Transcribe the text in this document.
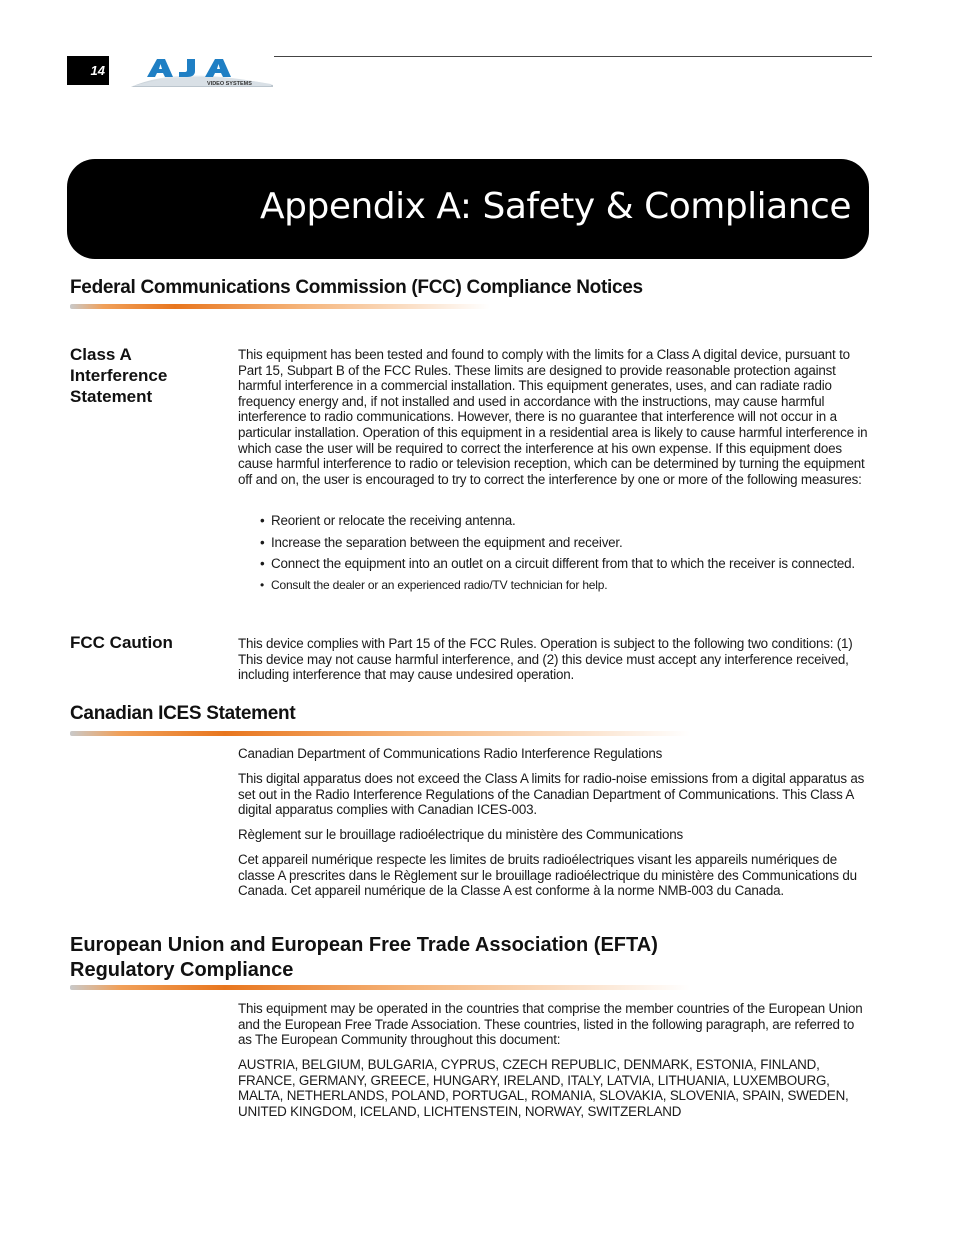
14
VIDEO SYSTEMS
Appendix A: Safety & Compliance
Federal Communications Commission (FCC) Compliance Notices

Class A
Interference
Statement

This equipment has been tested and found to comply with the limits for a Class A digital device, pursuant to Part 15, Subpart B of the FCC Rules. These limits are designed to provide reasonable protection against harmful interference in a commercial installation. This equipment generates, uses, and can radiate radio frequency energy and, if not installed and used in accordance with the instructions, may cause harmful interference to radio communications. However, there is no guarantee that interference will not occur in a particular installation. Operation of this equipment in a residential area is likely to cause harmful interference in which case the user will be required to correct the interference at his own expense. If this equipment does cause harmful interference to radio or television reception, which can be determined by turning the equipment off and on, the user is encouraged to try to correct the interference by one or more of the following measures:

• Reorient or relocate the receiving antenna.
• Increase the separation between the equipment and receiver.
• Connect the equipment into an outlet on a circuit different from that to which the receiver is connected.
• Consult the dealer or an experienced radio/TV technician for help.

FCC Caution	This device complies with Part 15 of the FCC Rules. Operation is subject to the following two conditions: (1) This device may not cause harmful interference, and (2) this device must accept any interference received, including interference that may cause undesired operation.

Canadian ICES Statement

Canadian Department of Communications Radio Interference Regulations

This digital apparatus does not exceed the Class A limits for radio-noise emissions from a digital apparatus as set out in the Radio Interference Regulations of the Canadian Department of Communications. This Class A digital apparatus complies with Canadian ICES-003.

Règlement sur le brouillage radioélectrique du ministère des Communications

Cet appareil numérique respecte les limites de bruits radioélectriques visant les appareils numériques de classe A prescrites dans le Règlement sur le brouillage radioélectrique du ministère des Communications du Canada. Cet appareil numérique de la Classe A est conforme à la norme NMB-003 du Canada.

European Union and European Free Trade Association (EFTA)
Regulatory Compliance

This equipment may be operated in the countries that comprise the member countries of the European Union and the European Free Trade Association. These countries, listed in the following paragraph, are referred to as The European Community throughout this document:

AUSTRIA, BELGIUM, BULGARIA, CYPRUS, CZECH REPUBLIC, DENMARK, ESTONIA, FINLAND, FRANCE, GERMANY, GREECE, HUNGARY, IRELAND, ITALY, LATVIA, LITHUANIA, LUXEMBOURG, MALTA, NETHERLANDS, POLAND, PORTUGAL, ROMANIA, SLOVAKIA, SLOVENIA, SPAIN, SWEDEN, UNITED KINGDOM, ICELAND, LICHTENSTEIN, NORWAY, SWITZERLAND
